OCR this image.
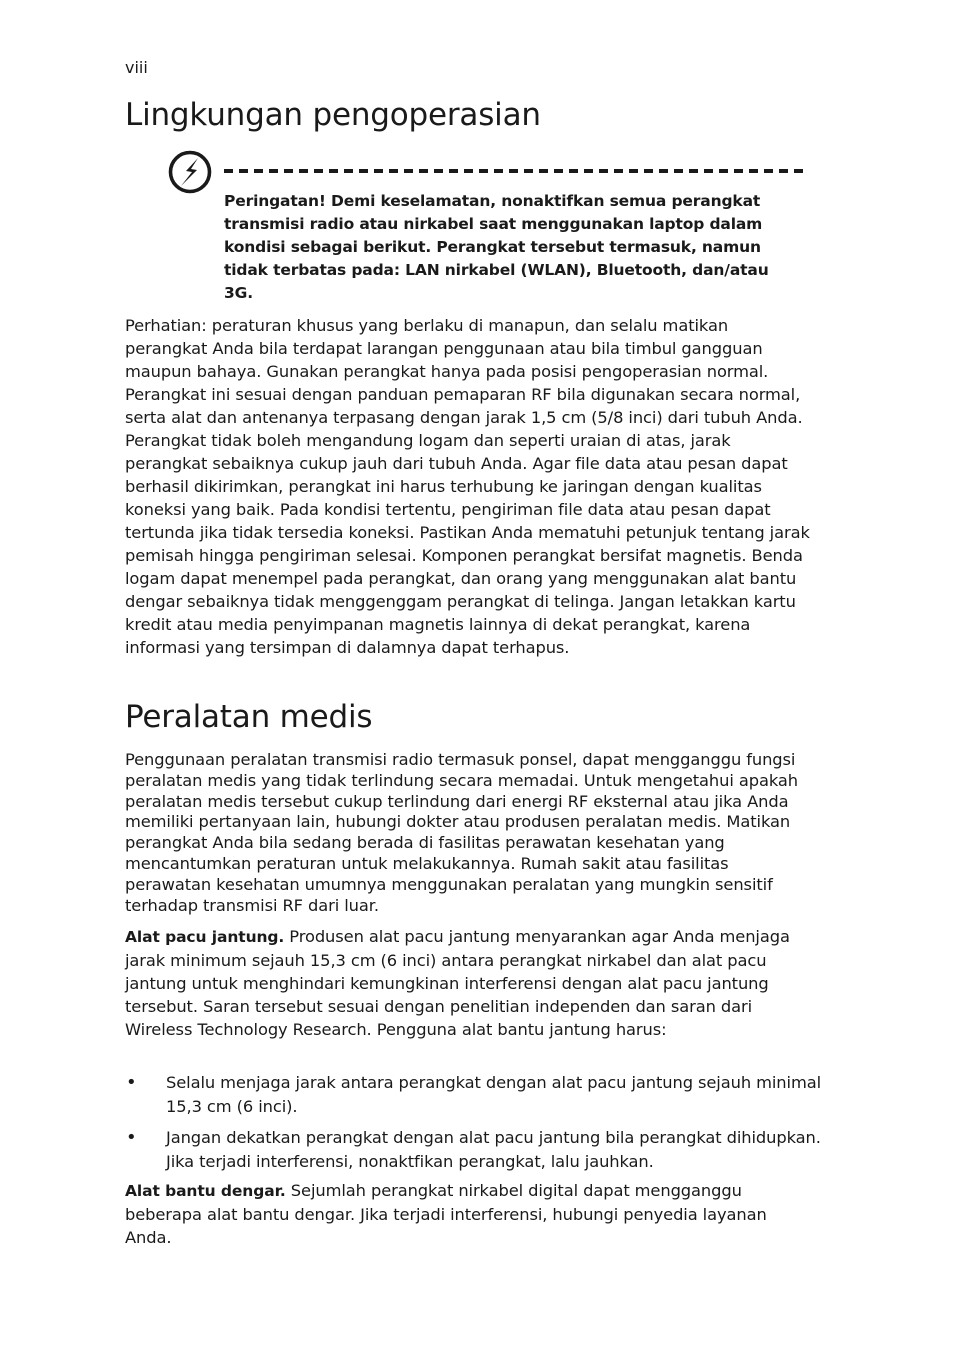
viii
Lingkungan pengoperasian
Peringatan! Demi keselamatan, nonaktifkan semua perangkat transmisi radio atau nirkabel saat menggunakan laptop dalam kondisi sebagai berikut. Perangkat tersebut termasuk, namun tidak terbatas pada: LAN nirkabel (WLAN), Bluetooth, dan/atau 3G.

Perhatian: peraturan khusus yang berlaku di manapun, dan selalu matikan perangkat Anda bila terdapat larangan penggunaan atau bila timbul gangguan maupun bahaya. Gunakan perangkat hanya pada posisi pengoperasian normal. Perangkat ini sesuai dengan panduan pemaparan RF bila digunakan secara normal, serta alat dan antenanya terpasang dengan jarak 1,5 cm (5/8 inci) dari tubuh Anda. Perangkat tidak boleh mengandung logam dan seperti uraian di atas, jarak perangkat sebaiknya cukup jauh dari tubuh Anda. Agar file data atau pesan dapat berhasil dikirimkan, perangkat ini harus terhubung ke jaringan dengan kualitas koneksi yang baik. Pada kondisi tertentu, pengiriman file data atau pesan dapat tertunda jika tidak tersedia koneksi. Pastikan Anda mematuhi petunjuk tentang jarak pemisah hingga pengiriman selesai. Komponen perangkat bersifat magnetis. Benda logam dapat menempel pada perangkat, dan orang yang menggunakan alat bantu dengar sebaiknya tidak menggenggam perangkat di telinga. Jangan letakkan kartu kredit atau media penyimpanan magnetis lainnya di dekat perangkat, karena informasi yang tersimpan di dalamnya dapat terhapus.

Peralatan medis

Penggunaan peralatan transmisi radio termasuk ponsel, dapat mengganggu fungsi peralatan medis yang tidak terlindung secara memadai. Untuk mengetahui apakah peralatan medis tersebut cukup terlindung dari energi RF eksternal atau jika Anda memiliki pertanyaan lain, hubungi dokter atau produsen peralatan medis. Matikan perangkat Anda bila sedang berada di fasilitas perawatan kesehatan yang mencantumkan peraturan untuk melakukannya. Rumah sakit atau fasilitas perawatan kesehatan umumnya menggunakan peralatan yang mungkin sensitif terhadap transmisi RF dari luar.

Alat pacu jantung. Produsen alat pacu jantung menyarankan agar Anda menjaga jarak minimum sejauh 15,3 cm (6 inci) antara perangkat nirkabel dan alat pacu jantung untuk menghindari kemungkinan interferensi dengan alat pacu jantung tersebut. Saran tersebut sesuai dengan penelitian independen dan saran dari Wireless Technology Research. Pengguna alat bantu jantung harus:

• Selalu menjaga jarak antara perangkat dengan alat pacu jantung sejauh minimal 15,3 cm (6 inci).
• Jangan dekatkan perangkat dengan alat pacu jantung bila perangkat dihidupkan. Jika terjadi interferensi, nonaktfikan perangkat, lalu jauhkan.

Alat bantu dengar. Sejumlah perangkat nirkabel digital dapat mengganggu beberapa alat bantu dengar. Jika terjadi interferensi, hubungi penyedia layanan Anda.
